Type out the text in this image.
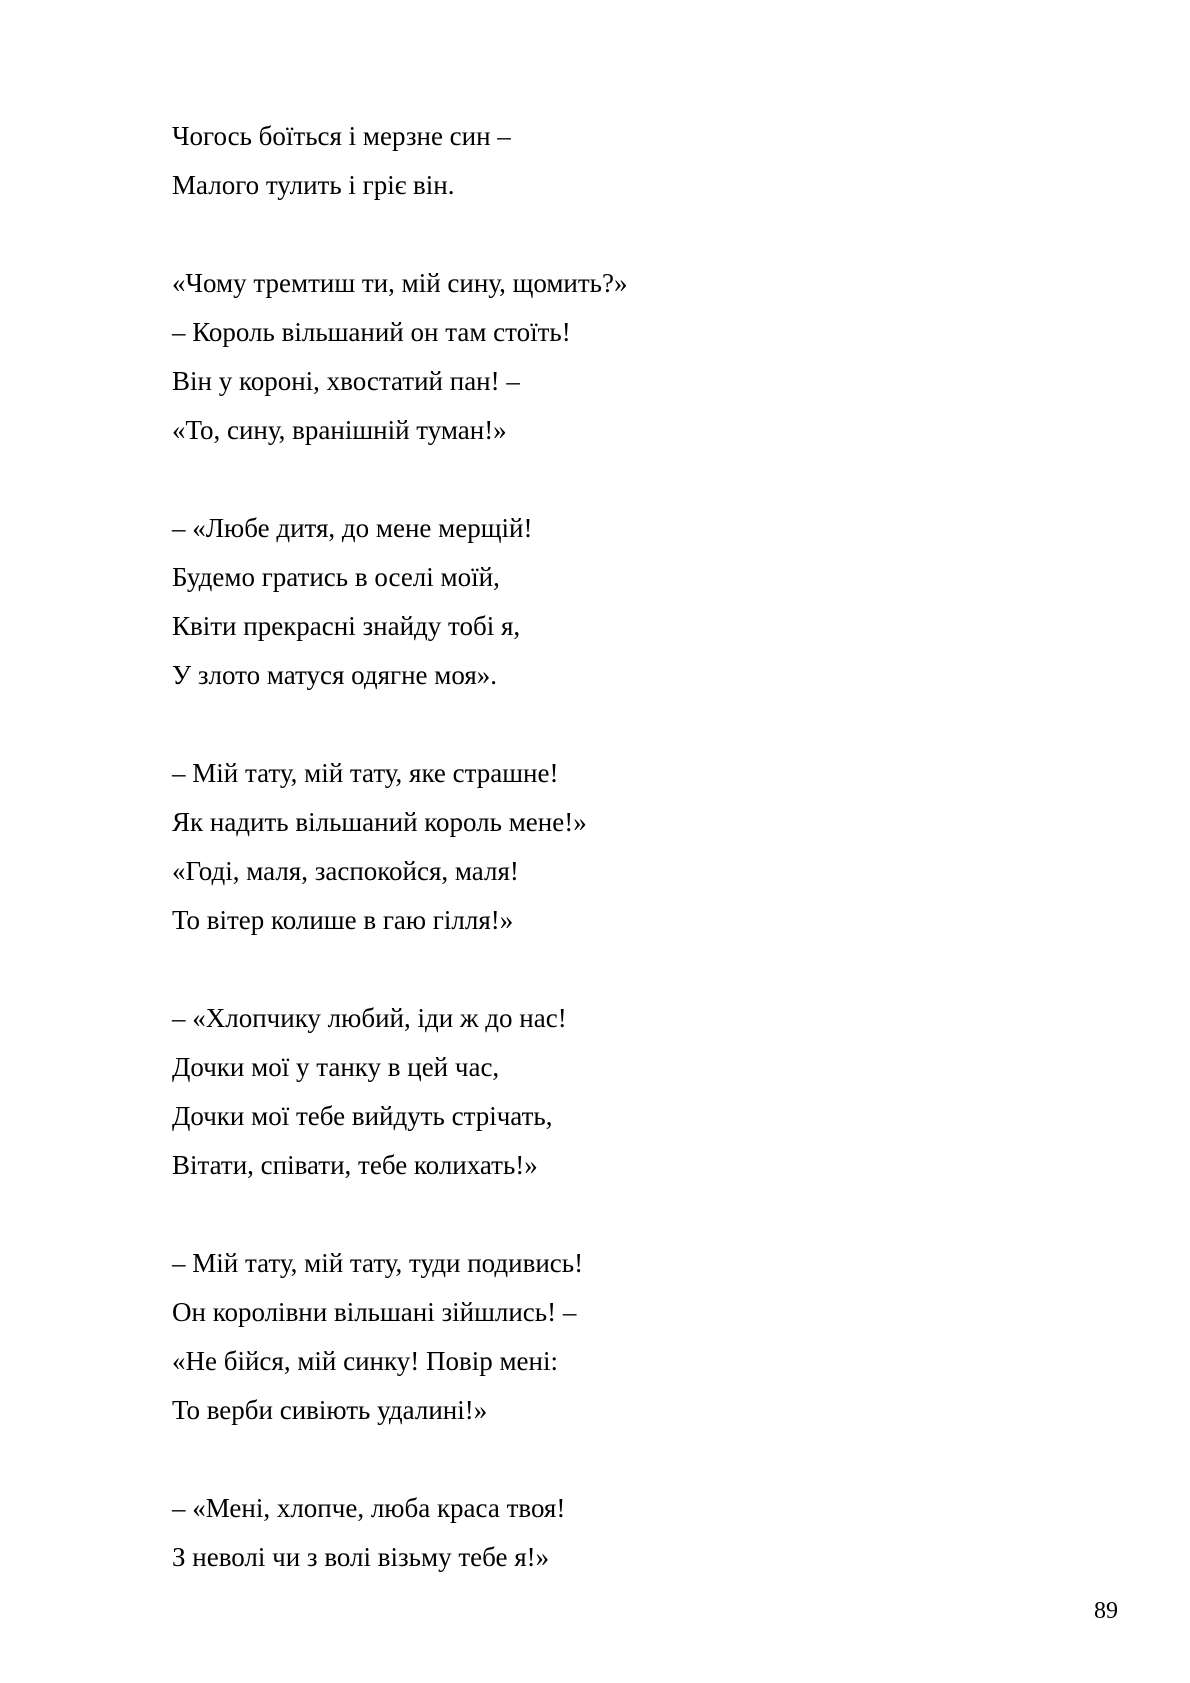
Чогось боїться і мерзне син –
Малого тулить і гріє він.
«Чому тремтиш ти, мій сину, щомить?»
– Король вільшаний он там стоїть!
Він у короні, хвостатий пан! –
«То, сину, вранішній туман!»
– «Любе дитя, до мене мерщій!
Будемо гратись в оселі моїй,
Квіти прекрасні знайду тобі я,
У злото матуся одягне моя».
– Мій тату, мій тату, яке страшне!
Як надить вільшаний король мене!»
«Годі, маля, заспокойся, маля!
То вітер колише в гаю гілля!»
– «Хлопчику любий, іди ж до нас!
Дочки мої у танку в цей час,
Дочки мої тебе вийдуть стрічать,
Вітати, співати, тебе колихать!»
– Мій тату, мій тату, туди подивись!
Он королівни вільшані зійшлись! –
«Не бійся, мій синку! Повір мені:
То верби сивіють удалині!»
– «Мені, хлопче, люба краса твоя!
З неволі чи з волі візьму тебе я!»
89
